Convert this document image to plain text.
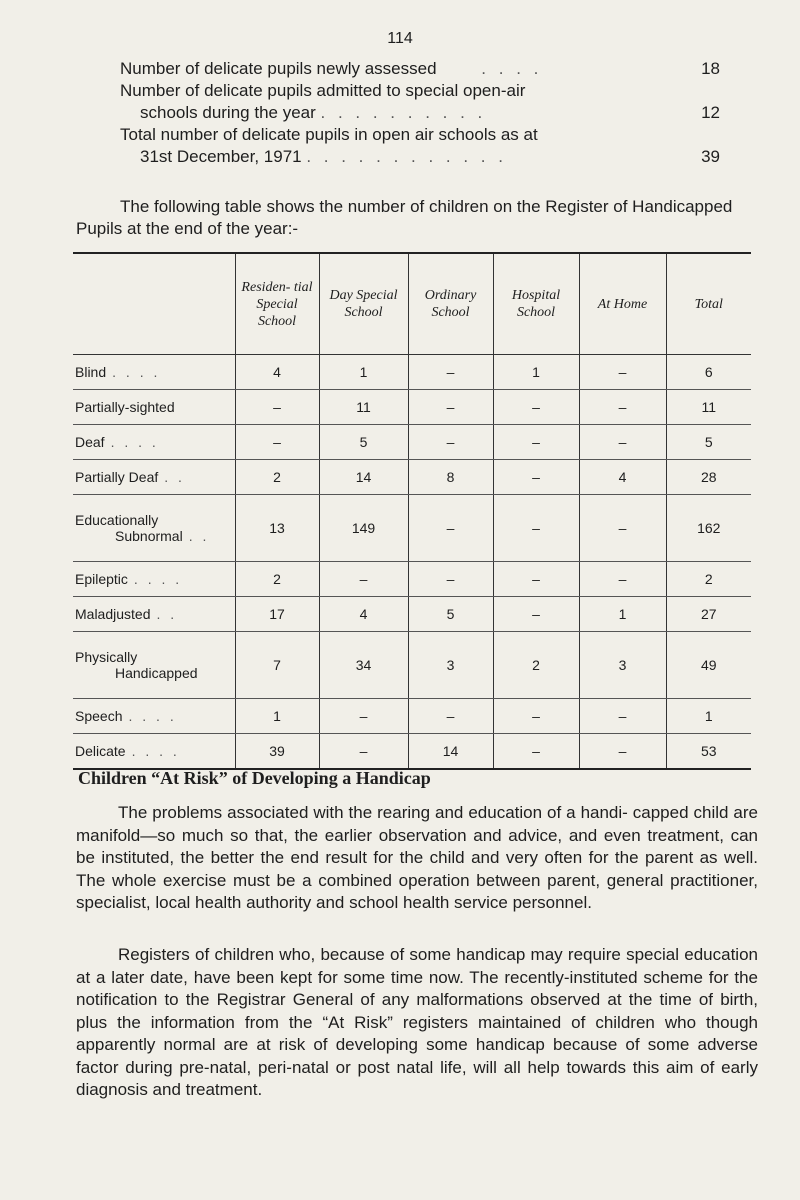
114
Number of delicate pupils newly assessed	. . . .	18
Number of delicate pupils admitted to special open-air
schools during the year . . . . . . . . . .	12
Total number of delicate pupils in open air schools as at
31st December, 1971 . . . . . . . . . . . .	39
The following table shows the number of children on the Register of Handicapped Pupils at the end of the year:-
	Residen- tial Special School	Day Special School	Ordinary School	Hospital School	At Home	Total
Blind . . . .	4	1	–	1	–	6
Partially-sighted	–	11	–	–	–	11
Deaf . . . .	–	5	–	–	–	5
Partially Deaf . .	2	14	8	–	4	28

Educationally
Subnormal . .	13	149	–	–	–	162
Epileptic . . . .	2	–	–	–	–	2
Maladjusted . .	17	4	5	–	1	27

Physically
Handicapped	7	34	3	2	3	49
Speech . . . .	1	–	–	–	–	1
Delicate . . . .	39	–	14	–	–	53
Children “At Risk” of Developing a Handicap
The problems associated with the rearing and education of a handi- capped child are manifold—so much so that, the earlier observation and advice, and even treatment, can be instituted, the better the end result for the child and very often for the parent as well. The whole exercise must be a combined operation between parent, general practitioner, specialist, local health authority and school health service personnel.
Registers of children who, because of some handicap may require special education at a later date, have been kept for some time now. The recently-instituted scheme for the notification to the Registrar General of any malformations observed at the time of birth, plus the information from the “At Risk” registers maintained of children who though apparently normal are at risk of developing some handicap because of some adverse factor during pre-natal, peri-natal or post natal life, will all help towards this aim of early diagnosis and treatment.
